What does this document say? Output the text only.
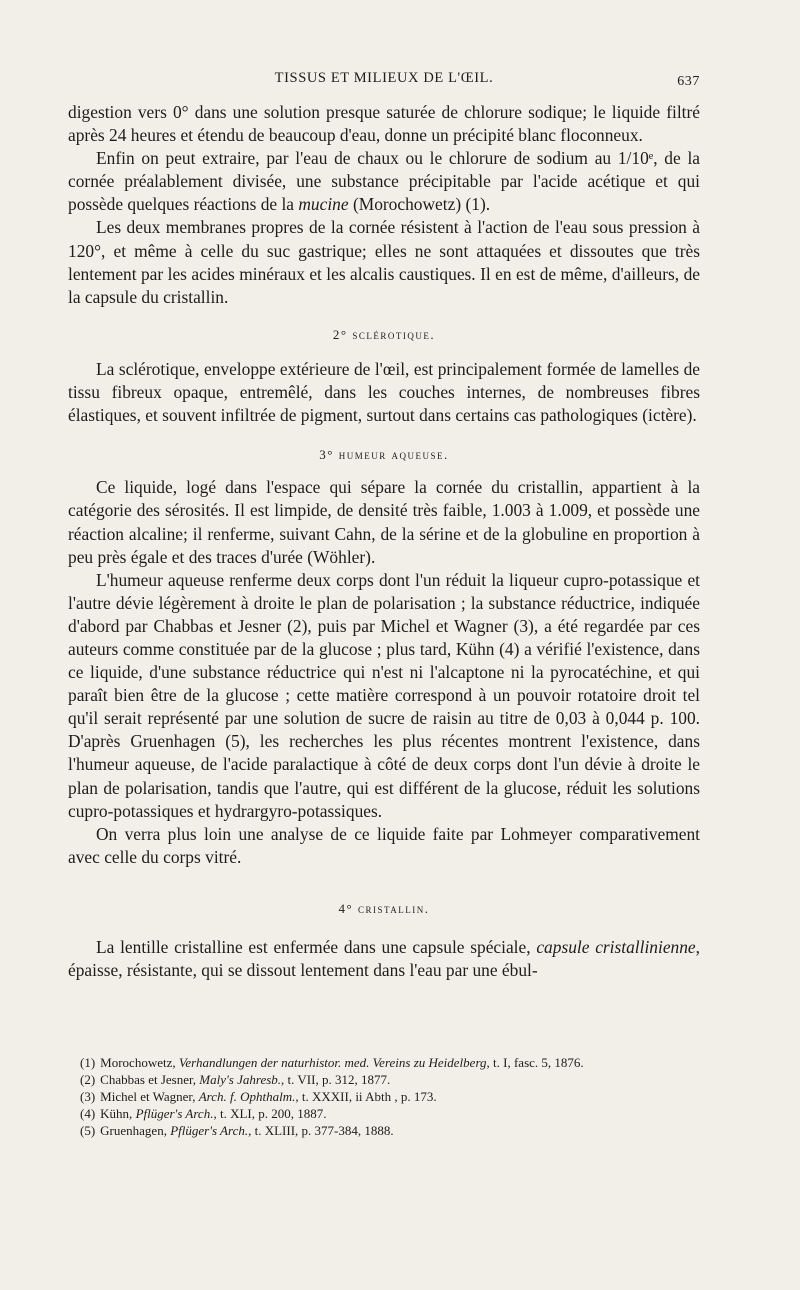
TISSUS ET MILIEUX DE L'ŒIL.	637

digestion vers 0° dans une solution presque saturée de chlorure sodique; le liquide filtré après 24 heures et étendu de beaucoup d'eau, donne un précipité blanc floconneux.

Enfin on peut extraire, par l'eau de chaux ou le chlorure de sodium au 1/10ᵉ, de la cornée préalablement divisée, une substance précipitable par l'acide acétique et qui possède quelques réactions de la mucine (Morochowetz) (1).

Les deux membranes propres de la cornée résistent à l'action de l'eau sous pression à 120°, et même à celle du suc gastrique; elles ne sont attaquées et dissoutes que très lentement par les acides minéraux et les alcalis caustiques. Il en est de même, d'ailleurs, de la capsule du cristallin.

2° sclérotique.

La sclérotique, enveloppe extérieure de l'œil, est principalement formée de lamelles de tissu fibreux opaque, entremêlé, dans les couches internes, de nombreuses fibres élastiques, et souvent infiltrée de pigment, surtout dans certains cas pathologiques (ictère).

3° humeur aqueuse.

Ce liquide, logé dans l'espace qui sépare la cornée du cristallin, appartient à la catégorie des sérosités. Il est limpide, de densité très faible, 1.003 à 1.009, et possède une réaction alcaline; il renferme, suivant Cahn, de la sérine et de la globuline en proportion à peu près égale et des traces d'urée (Wöhler).

L'humeur aqueuse renferme deux corps dont l'un réduit la liqueur cupro-potassique et l'autre dévie légèrement à droite le plan de polarisation ; la substance réductrice, indiquée d'abord par Chabbas et Jesner (2), puis par Michel et Wagner (3), a été regardée par ces auteurs comme constituée par de la glucose ; plus tard, Kühn (4) a vérifié l'existence, dans ce liquide, d'une substance réductrice qui n'est ni l'alcaptone ni la pyrocatéchine, et qui paraît bien être de la glucose ; cette matière correspond à un pouvoir rotatoire droit tel qu'il serait représenté par une solution de sucre de raisin au titre de 0,03 à 0,044 p. 100. D'après Gruenhagen (5), les recherches les plus récentes montrent l'existence, dans l'humeur aqueuse, de l'acide paralactique à côté de deux corps dont l'un dévie à droite le plan de polarisation, tandis que l'autre, qui est différent de la glucose, réduit les solutions cupro-potassiques et hydrargyro-potassiques.

On verra plus loin une analyse de ce liquide faite par Lohmeyer comparativement avec celle du corps vitré.

4° cristallin.

La lentille cristalline est enfermée dans une capsule spéciale, capsule cristallinienne, épaisse, résistante, qui se dissout lentement dans l'eau par une ébul-

(1) Morochowetz, Verhandlungen der naturhistor. med. Vereins zu Heidelberg, t. I, fasc. 5, 1876.

(2) Chabbas et Jesner, Maly's Jahresb., t. VII, p. 312, 1877.

(3) Michel et Wagner, Arch. f. Ophthalm., t. XXXII, ii Abth , p. 173.

(4) Kühn, Pflüger's Arch., t. XLI, p. 200, 1887.

(5) Gruenhagen, Pflüger's Arch., t. XLIII, p. 377-384, 1888.
